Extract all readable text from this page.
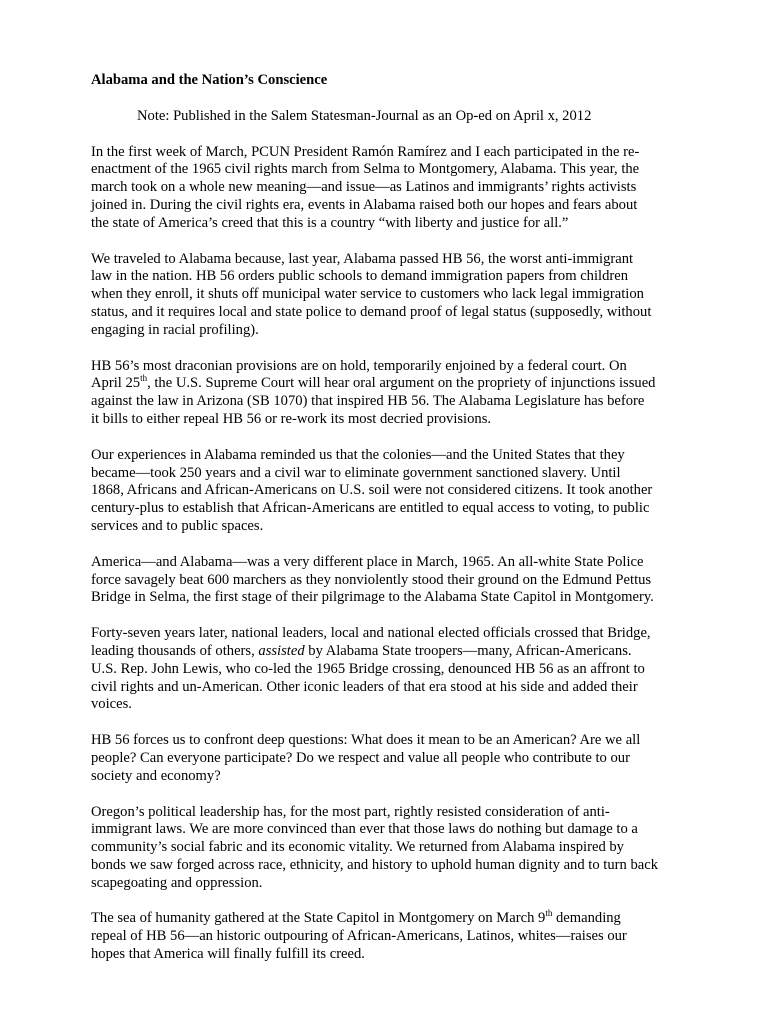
Alabama and the Nation’s Conscience
Note: Published in the Salem Statesman-Journal as an Op-ed on April x, 2012
In the first week of March, PCUN President Ramón Ramírez and I each participated in the re-
enactment of the 1965 civil rights march from Selma to Montgomery, Alabama. This year, the
march took on a whole new meaning—and issue—as Latinos and immigrants’ rights activists
joined in. During the civil rights era, events in Alabama raised both our hopes and fears about
the state of America’s creed that this is a country “with liberty and justice for all.”
We traveled to Alabama because, last year, Alabama passed HB 56, the worst anti-immigrant
law in the nation. HB 56 orders public schools to demand immigration papers from children
when they enroll, it shuts off municipal water service to customers who lack legal immigration
status, and it requires local and state police to demand proof of legal status (supposedly, without
engaging in racial profiling).
HB 56’s most draconian provisions are on hold, temporarily enjoined by a federal court. On
April 25th, the U.S. Supreme Court will hear oral argument on the propriety of injunctions issued
against the law in Arizona (SB 1070) that inspired HB 56. The Alabama Legislature has before
it bills to either repeal HB 56 or re-work its most decried provisions.
Our experiences in Alabama reminded us that the colonies—and the United States that they
became—took 250 years and a civil war to eliminate government sanctioned slavery. Until
1868, Africans and African-Americans on U.S. soil were not considered citizens. It took another
century-plus to establish that African-Americans are entitled to equal access to voting, to public
services and to public spaces.
America—and Alabama—was a very different place in March, 1965. An all-white State Police
force savagely beat 600 marchers as they nonviolently stood their ground on the Edmund Pettus
Bridge in Selma, the first stage of their pilgrimage to the Alabama State Capitol in Montgomery.
Forty-seven years later, national leaders, local and national elected officials crossed that Bridge,
leading thousands of others, assisted by Alabama State troopers—many, African-Americans.
U.S. Rep. John Lewis, who co-led the 1965 Bridge crossing, denounced HB 56 as an affront to
civil rights and un-American. Other iconic leaders of that era stood at his side and added their
voices.
HB 56 forces us to confront deep questions: What does it mean to be an American? Are we all
people? Can everyone participate? Do we respect and value all people who contribute to our
society and economy?
Oregon’s political leadership has, for the most part, rightly resisted consideration of anti-
immigrant laws. We are more convinced than ever that those laws do nothing but damage to a
community’s social fabric and its economic vitality. We returned from Alabama inspired by
bonds we saw forged across race, ethnicity, and history to uphold human dignity and to turn back
scapegoating and oppression.
The sea of humanity gathered at the State Capitol in Montgomery on March 9th demanding
repeal of HB 56—an historic outpouring of African-Americans, Latinos, whites—raises our
hopes that America will finally fulfill its creed.
